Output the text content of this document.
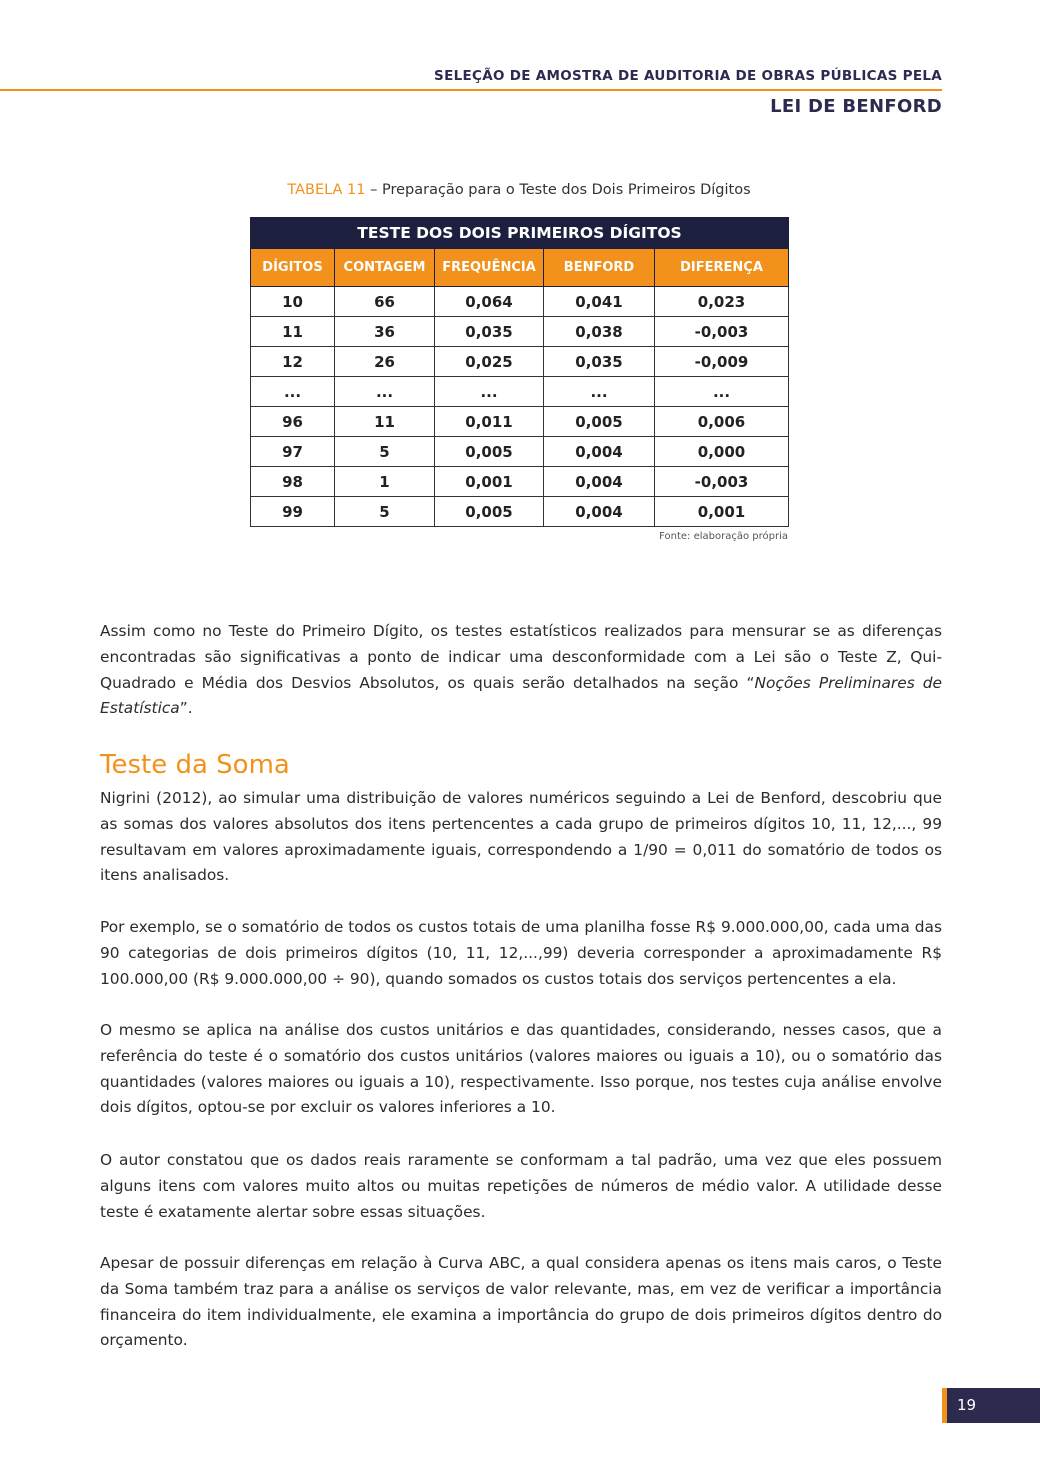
SELEÇÃO DE AMOSTRA DE AUDITORIA DE OBRAS PÚBLICAS PELA
LEI DE BENFORD
TABELA 11 – Preparação para o Teste dos Dois Primeiros Dígitos
TESTE DOS DOIS PRIMEIROS DÍGITOS				
DÍGITOS	CONTAGEM	FREQUÊNCIA	BENFORD	DIFERENÇA
10	66	0,064	0,041	0,023
11	36	0,035	0,038	-0,003
12	26	0,025	0,035	-0,009
...	...	...	...	...
96	11	0,011	0,005	0,006
97	5	0,005	0,004	0,000
98	1	0,001	0,004	-0,003
99	5	0,005	0,004	0,001
Fonte: elaboração própria

Assim como no Teste do Primeiro Dígito, os testes estatísticos realizados para mensurar se as diferenças encontradas são significativas a ponto de indicar uma desconformidade com a Lei são o Teste Z, Qui-Quadrado e Média dos Desvios Absolutos, os quais serão detalhados na seção “Noções Preliminares de Estatística”.

Teste da Soma

Nigrini (2012), ao simular uma distribuição de valores numéricos seguindo a Lei de Benford, descobriu que as somas dos valores absolutos dos itens pertencentes a cada grupo de primeiros dígitos 10, 11, 12,..., 99 resultavam em valores aproximadamente iguais, correspondendo a 1/90 = 0,011 do somatório de todos os itens analisados.

Por exemplo, se o somatório de todos os custos totais de uma planilha fosse R$ 9.000.000,00, cada uma das 90 categorias de dois primeiros dígitos (10, 11, 12,...,99) deveria corresponder a aproximadamente R$ 100.000,00 (R$ 9.000.000,00 ÷ 90), quando somados os custos totais dos serviços pertencentes a ela.

O mesmo se aplica na análise dos custos unitários e das quantidades, considerando, nesses casos, que a referência do teste é o somatório dos custos unitários (valores maiores ou iguais a 10), ou o somatório das quantidades (valores maiores ou iguais a 10), respectivamente. Isso porque, nos testes cuja análise envolve dois dígitos, optou-se por excluir os valores inferiores a 10.

O autor constatou que os dados reais raramente se conformam a tal padrão, uma vez que eles possuem alguns itens com valores muito altos ou muitas repetições de números de médio valor. A utilidade desse teste é exatamente alertar sobre essas situações.

Apesar de possuir diferenças em relação à Curva ABC, a qual considera apenas os itens mais caros, o Teste da Soma também traz para a análise os serviços de valor relevante, mas, em vez de verificar a importância financeira do item individualmente, ele examina a importância do grupo de dois primeiros dígitos dentro do orçamento.

19
